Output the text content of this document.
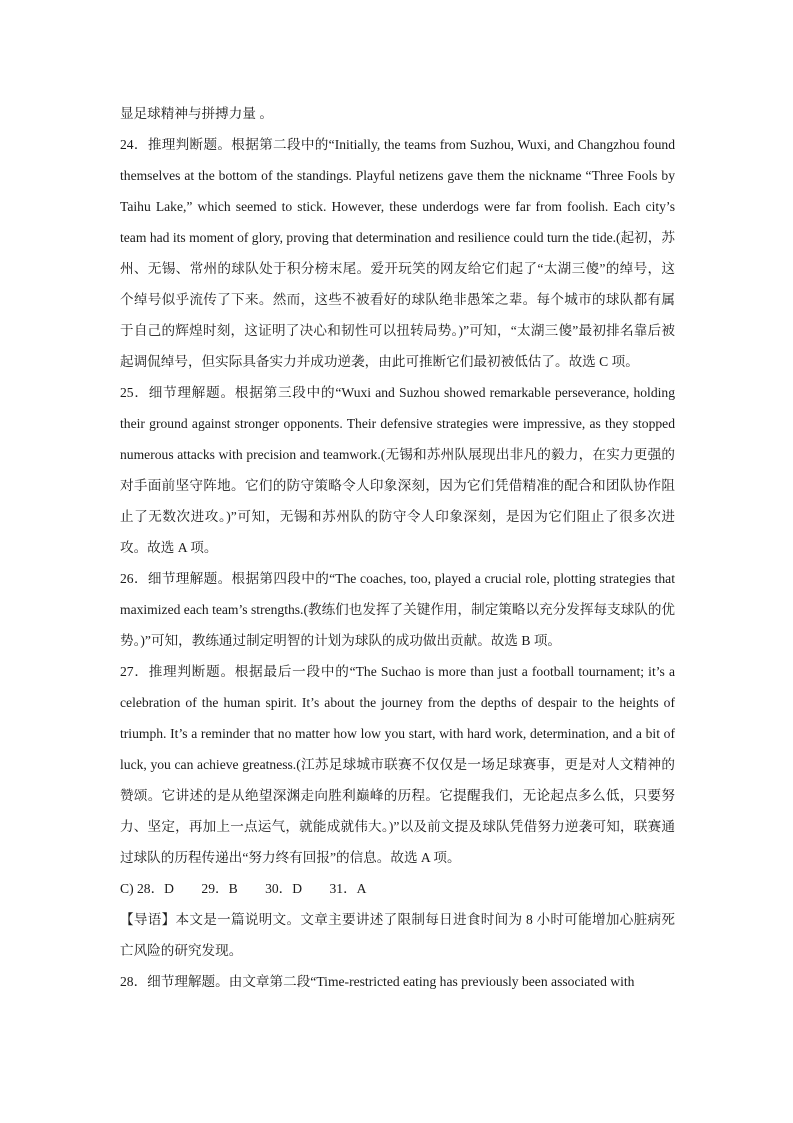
显足球精神与拼搏力量 。

24．推理判断题。根据第二段中的“Initially, the teams from Suzhou, Wuxi, and Changzhou found themselves at the bottom of the standings. Playful netizens gave them the nickname “Three Fools by Taihu Lake,” which seemed to stick. However, these underdogs were far from foolish. Each city’s team had its moment of glory, proving that determination and resilience could turn the tide.(起初，苏州、无锡、常州的球队处于积分榜末尾。爱开玩笑的网友给它们起了“太湖三傻”的绰号，这个绰号似乎流传了下来。然而，这些不被看好的球队绝非愚笨之辈。每个城市的球队都有属于自己的辉煌时刻，这证明了决心和韧性可以扭转局势。)”可知，“太湖三傻”最初排名靠后被起调侃绰号，但实际具备实力并成功逆袭，由此可推断它们最初被低估了。故选 C 项。

25．细节理解题。根据第三段中的“Wuxi and Suzhou showed remarkable perseverance, holding their ground against stronger opponents. Their defensive strategies were impressive, as they stopped numerous attacks with precision and teamwork.(无锡和苏州队展现出非凡的毅力，在实力更强的对手面前坚守阵地。它们的防守策略令人印象深刻，因为它们凭借精准的配合和团队协作阻止了无数次进攻。)”可知，无锡和苏州队的防守令人印象深刻，是因为它们阻止了很多次进攻。故选 A 项。

26．细节理解题。根据第四段中的“The coaches, too, played a crucial role, plotting strategies that maximized each team’s strengths.(教练们也发挥了关键作用，制定策略以充分发挥每支球队的优势。)”可知，教练通过制定明智的计划为球队的成功做出贡献。故选 B 项。

27．推理判断题。根据最后一段中的“The Suchao is more than just a football tournament; it’s a celebration of the human spirit. It’s about the journey from the depths of despair to the heights of triumph. It’s a reminder that no matter how low you start, with hard work, determination, and a bit of luck, you can achieve greatness.(江苏足球城市联赛不仅仅是一场足球赛事，更是对人文精神的赞颂。它讲述的是从绝望深渊走向胜利巅峰的历程。它提醒我们，无论起点多么低，只要努力、坚定，再加上一点运气，就能成就伟大。)”以及前文提及球队凭借努力逆袭可知，联赛通过球队的历程传递出“努力终有回报”的信息。故选 A 项。

C) 28．D 29．B 30．D 31．A

【导语】本文是一篇说明文。文章主要讲述了限制每日进食时间为 8 小时可能增加心脏病死亡风险的研究发现。

28．细节理解题。由文章第二段“Time-restricted eating has previously been associated with
